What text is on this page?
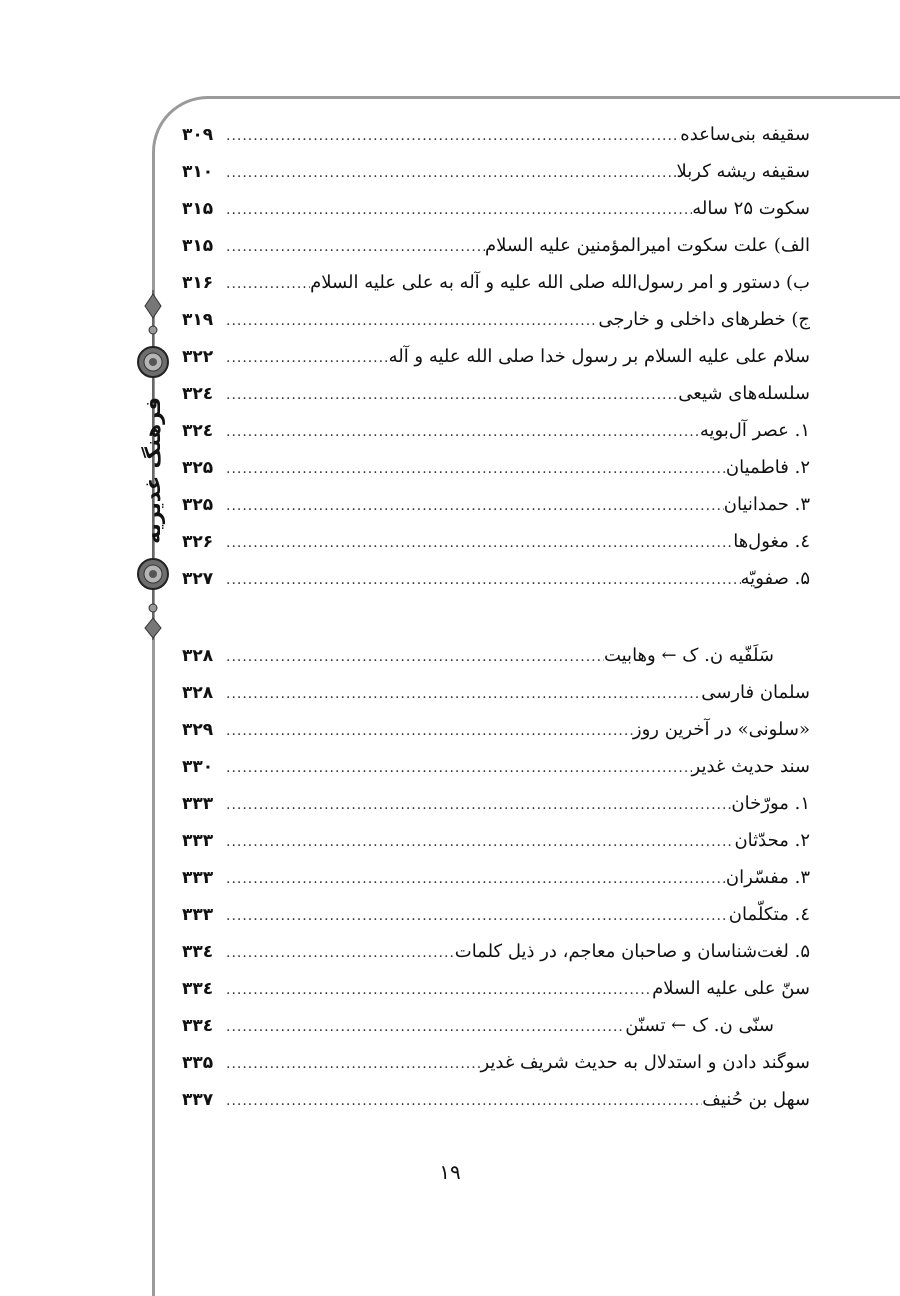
فرهنگ غدیریه
سقیفه بنی‌ساعده
.....
۳۰۹
سقیفه ریشه کربلا
.....
۳۱۰
سکوت ۲۵ ساله
.....
۳۱۵
الف) علت سکوت امیرالمؤمنین علیه السلام
.....
۳۱۵
ب) دستور و امر رسول‌الله صلی الله علیه و آله به علی علیه السلام
.....
۳۱۶
ج) خطرهای داخلی و خارجی
.....
۳۱۹
سلام علی علیه السلام بر رسول خدا صلی الله علیه و آله
.....
۳۲۲
سلسله‌های شیعی
.....
۳۲٤
۱. عصر آل‌بویه
.....
۳۲٤
۲. فاطمیان
.....
۳۲۵
۳. حمدانیان
.....
۳۲۵
٤. مغول‌ها
.....
۳۲۶
۵. صفویّه
.....
۳۲۷
سَلَفّیه ن. ک ← وهابیت
.....
۳۲۸
سلمان فارسی
.....
۳۲۸
«سلونی» در آخرین روز
.....
۳۲۹
سند حدیث غدیر
.....
۳۳۰
۱. مورّخان
.....
۳۳۳
۲. محدّثان
.....
۳۳۳
۳. مفسّران
.....
۳۳۳
٤. متکلّمان
.....
۳۳۳
۵. لغت‌شناسان و صاحبان معاجم، در ذیل کلمات
.....
۳۳٤
سنّ علی علیه السلام
.....
۳۳٤
سنّی ن. ک ← تسنّن
.....
۳۳٤
سوگند دادن و استدلال به حدیث شریف غدیر
.....
۳۳۵
سهل بن حُنیف
.....
۳۳۷
۱۹
